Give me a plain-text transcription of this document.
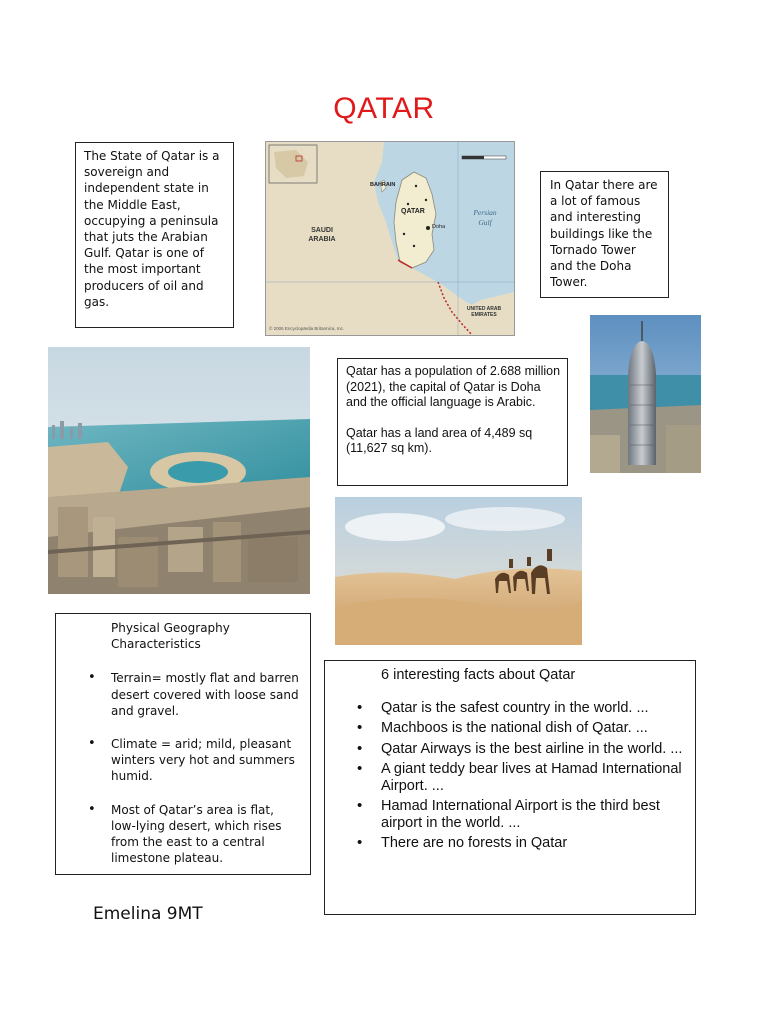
QATAR
The State of Qatar is a sovereign and independent state in the Middle East, occupying a peninsula that juts the Arabian Gulf. Qatar is one of the most important producers of oil and gas.
SAUDI ARABIA
QATAR
BAHRAIN
Persian Gulf
Doha
UNITED ARAB EMIRATES
© 2006 Encyclopædia Britannica, Inc.
In Qatar there are a lot of famous and interesting buildings like the Tornado Tower and the Doha Tower.

Qatar has a population of 2.688 million (2021), the capital of Qatar is Doha and the official language is Arabic.

Qatar has a land area of 4,489 sq (11,627 sq km).

Physical Geography Characteristics
• Terrain= mostly flat and barren desert covered with loose sand and gravel.
• Climate = arid; mild, pleasant winters very hot and summers humid.
• Most of Qatar’s area is flat, low-lying desert, which rises from the east to a central limestone plateau.
6 interesting facts about Qatar
• Qatar is the safest country in the world. ...
• Machboos is the national dish of Qatar. ...
• Qatar Airways is the best airline in the world. ...
• A giant teddy bear lives at Hamad International Airport. ...
• Hamad International Airport is the third best airport in the world. ...
• There are no forests in Qatar
Emelina 9MT
